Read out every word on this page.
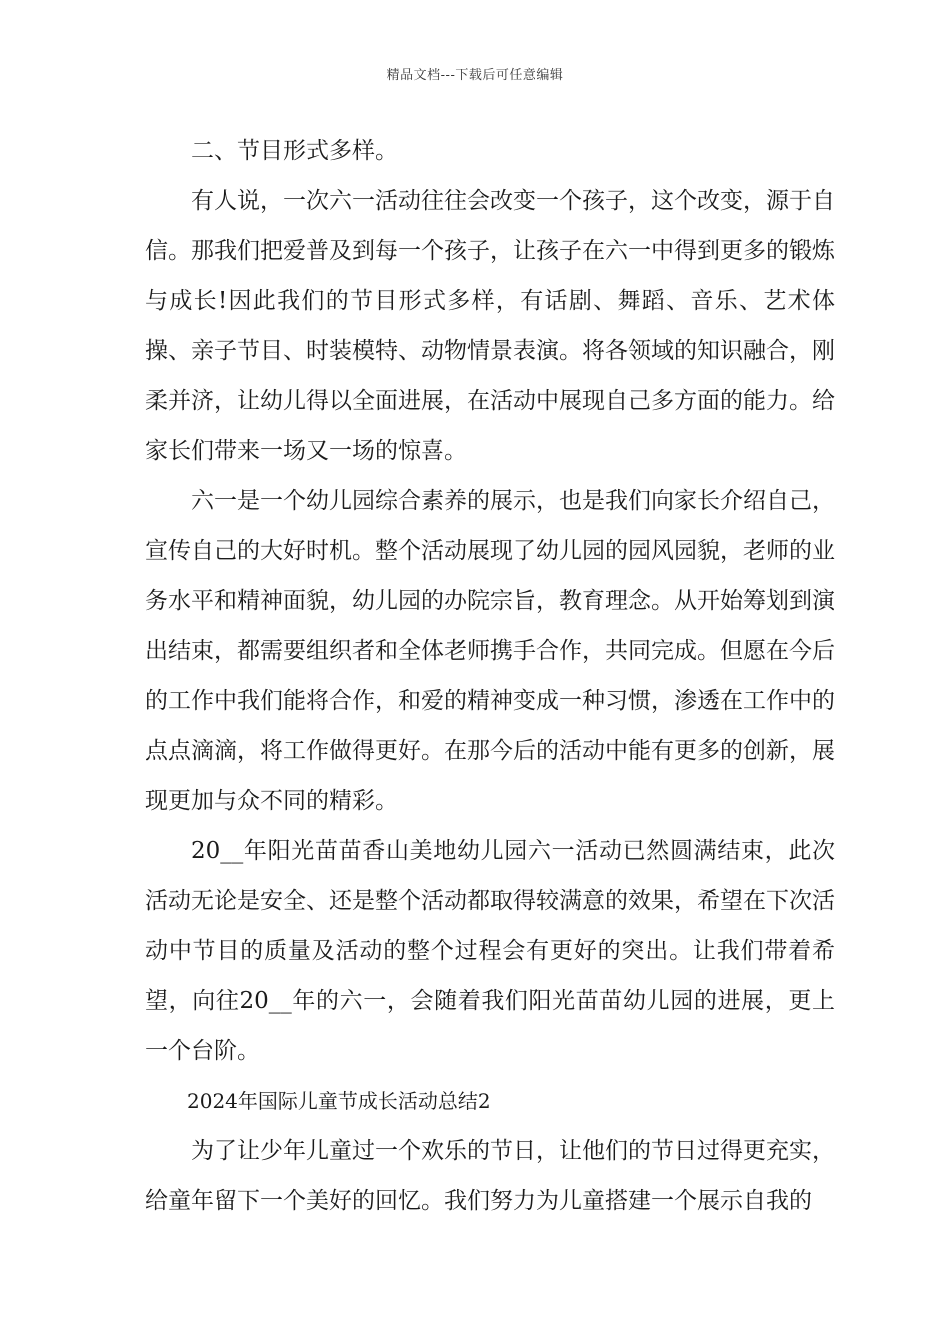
精品文档---下载后可任意编辑

二、节目形式多样。

有人说，一次六一活动往往会改变一个孩子，这个改变，源于自信。那我们把爱普及到每一个孩子，让孩子在六一中得到更多的锻炼与成长!因此我们的节目形式多样，有话剧、舞蹈、音乐、艺术体操、亲子节目、时装模特、动物情景表演。将各领域的知识融合，刚柔并济，让幼儿得以全面进展，在活动中展现自己多方面的能力。给家长们带来一场又一场的惊喜。

六一是一个幼儿园综合素养的展示，也是我们向家长介绍自己，宣传自己的大好时机。整个活动展现了幼儿园的园风园貌，老师的业务水平和精神面貌，幼儿园的办院宗旨，教育理念。从开始筹划到演出结束，都需要组织者和全体老师携手合作，共同完成。但愿在今后的工作中我们能将合作，和爱的精神变成一种习惯，渗透在工作中的点点滴滴，将工作做得更好。在那今后的活动中能有更多的创新，展现更加与众不同的精彩。

20__年阳光苗苗香山美地幼儿园六一活动已然圆满结束，此次活动无论是安全、还是整个活动都取得较满意的效果，希望在下次活动中节目的质量及活动的整个过程会有更好的突出。让我们带着希望，向往20__年的六一，会随着我们阳光苗苗幼儿园的进展，更上一个台阶。

2024年国际儿童节成长活动总结2

为了让少年儿童过一个欢乐的节日，让他们的节日过得更充实，给童年留下一个美好的回忆。我们努力为儿童搭建一个展示自我的
